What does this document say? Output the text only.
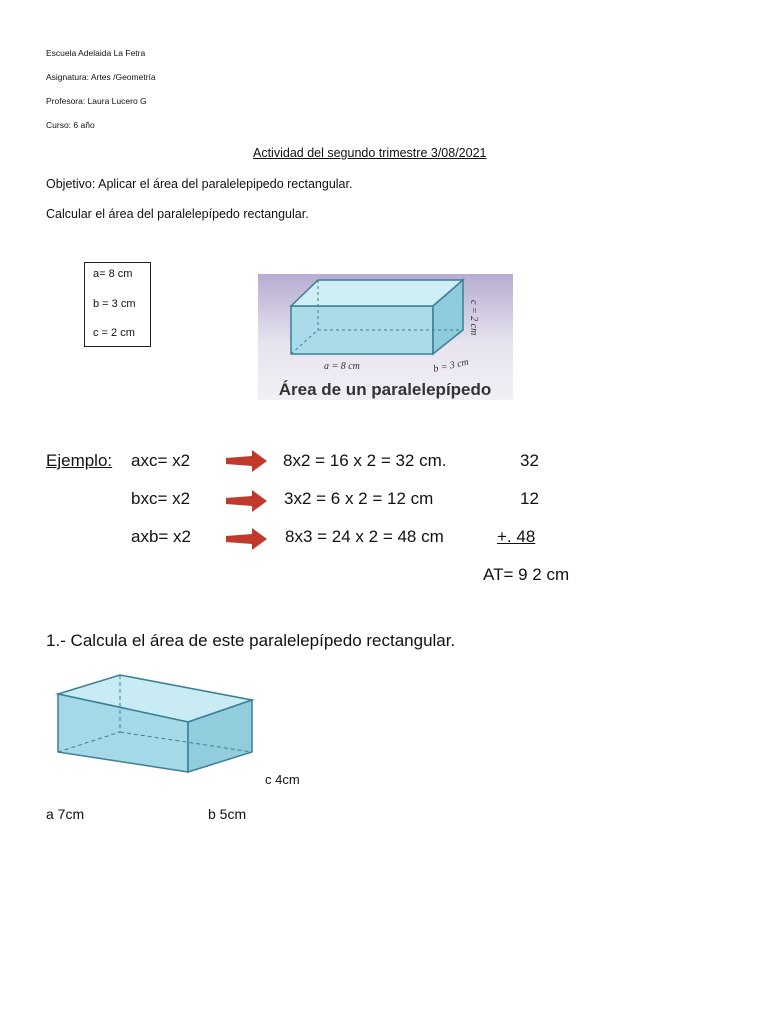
Escuela Adelaida La Fetra
Asignatura: Artes /Geometría
Profesora: Laura Lucero G
Curso: 6 año
Actividad del segundo trimestre 3/08/2021
Objetivo: Aplicar el área del paralelepipedo rectangular.
Calcular el área del paralelepípedo rectangular.
a= 8 cm
b = 3 cm
c = 2 cm
a = 8 cm	b = 3 cm
c = 2 cm
Área de un paralelepípedo
Ejemplo: axc= x2
bxc= x2
axb= x2
8x2 = 16 x 2 = 32 cm.
3x2 = 6 x 2 = 12 cm
8x3 = 24 x 2 = 48 cm
32
12
+. 48
AT= 9 2 cm
1.- Calcula el área de este paralelepípedo rectangular.
c 4cm
a 7cm	b 5cm
